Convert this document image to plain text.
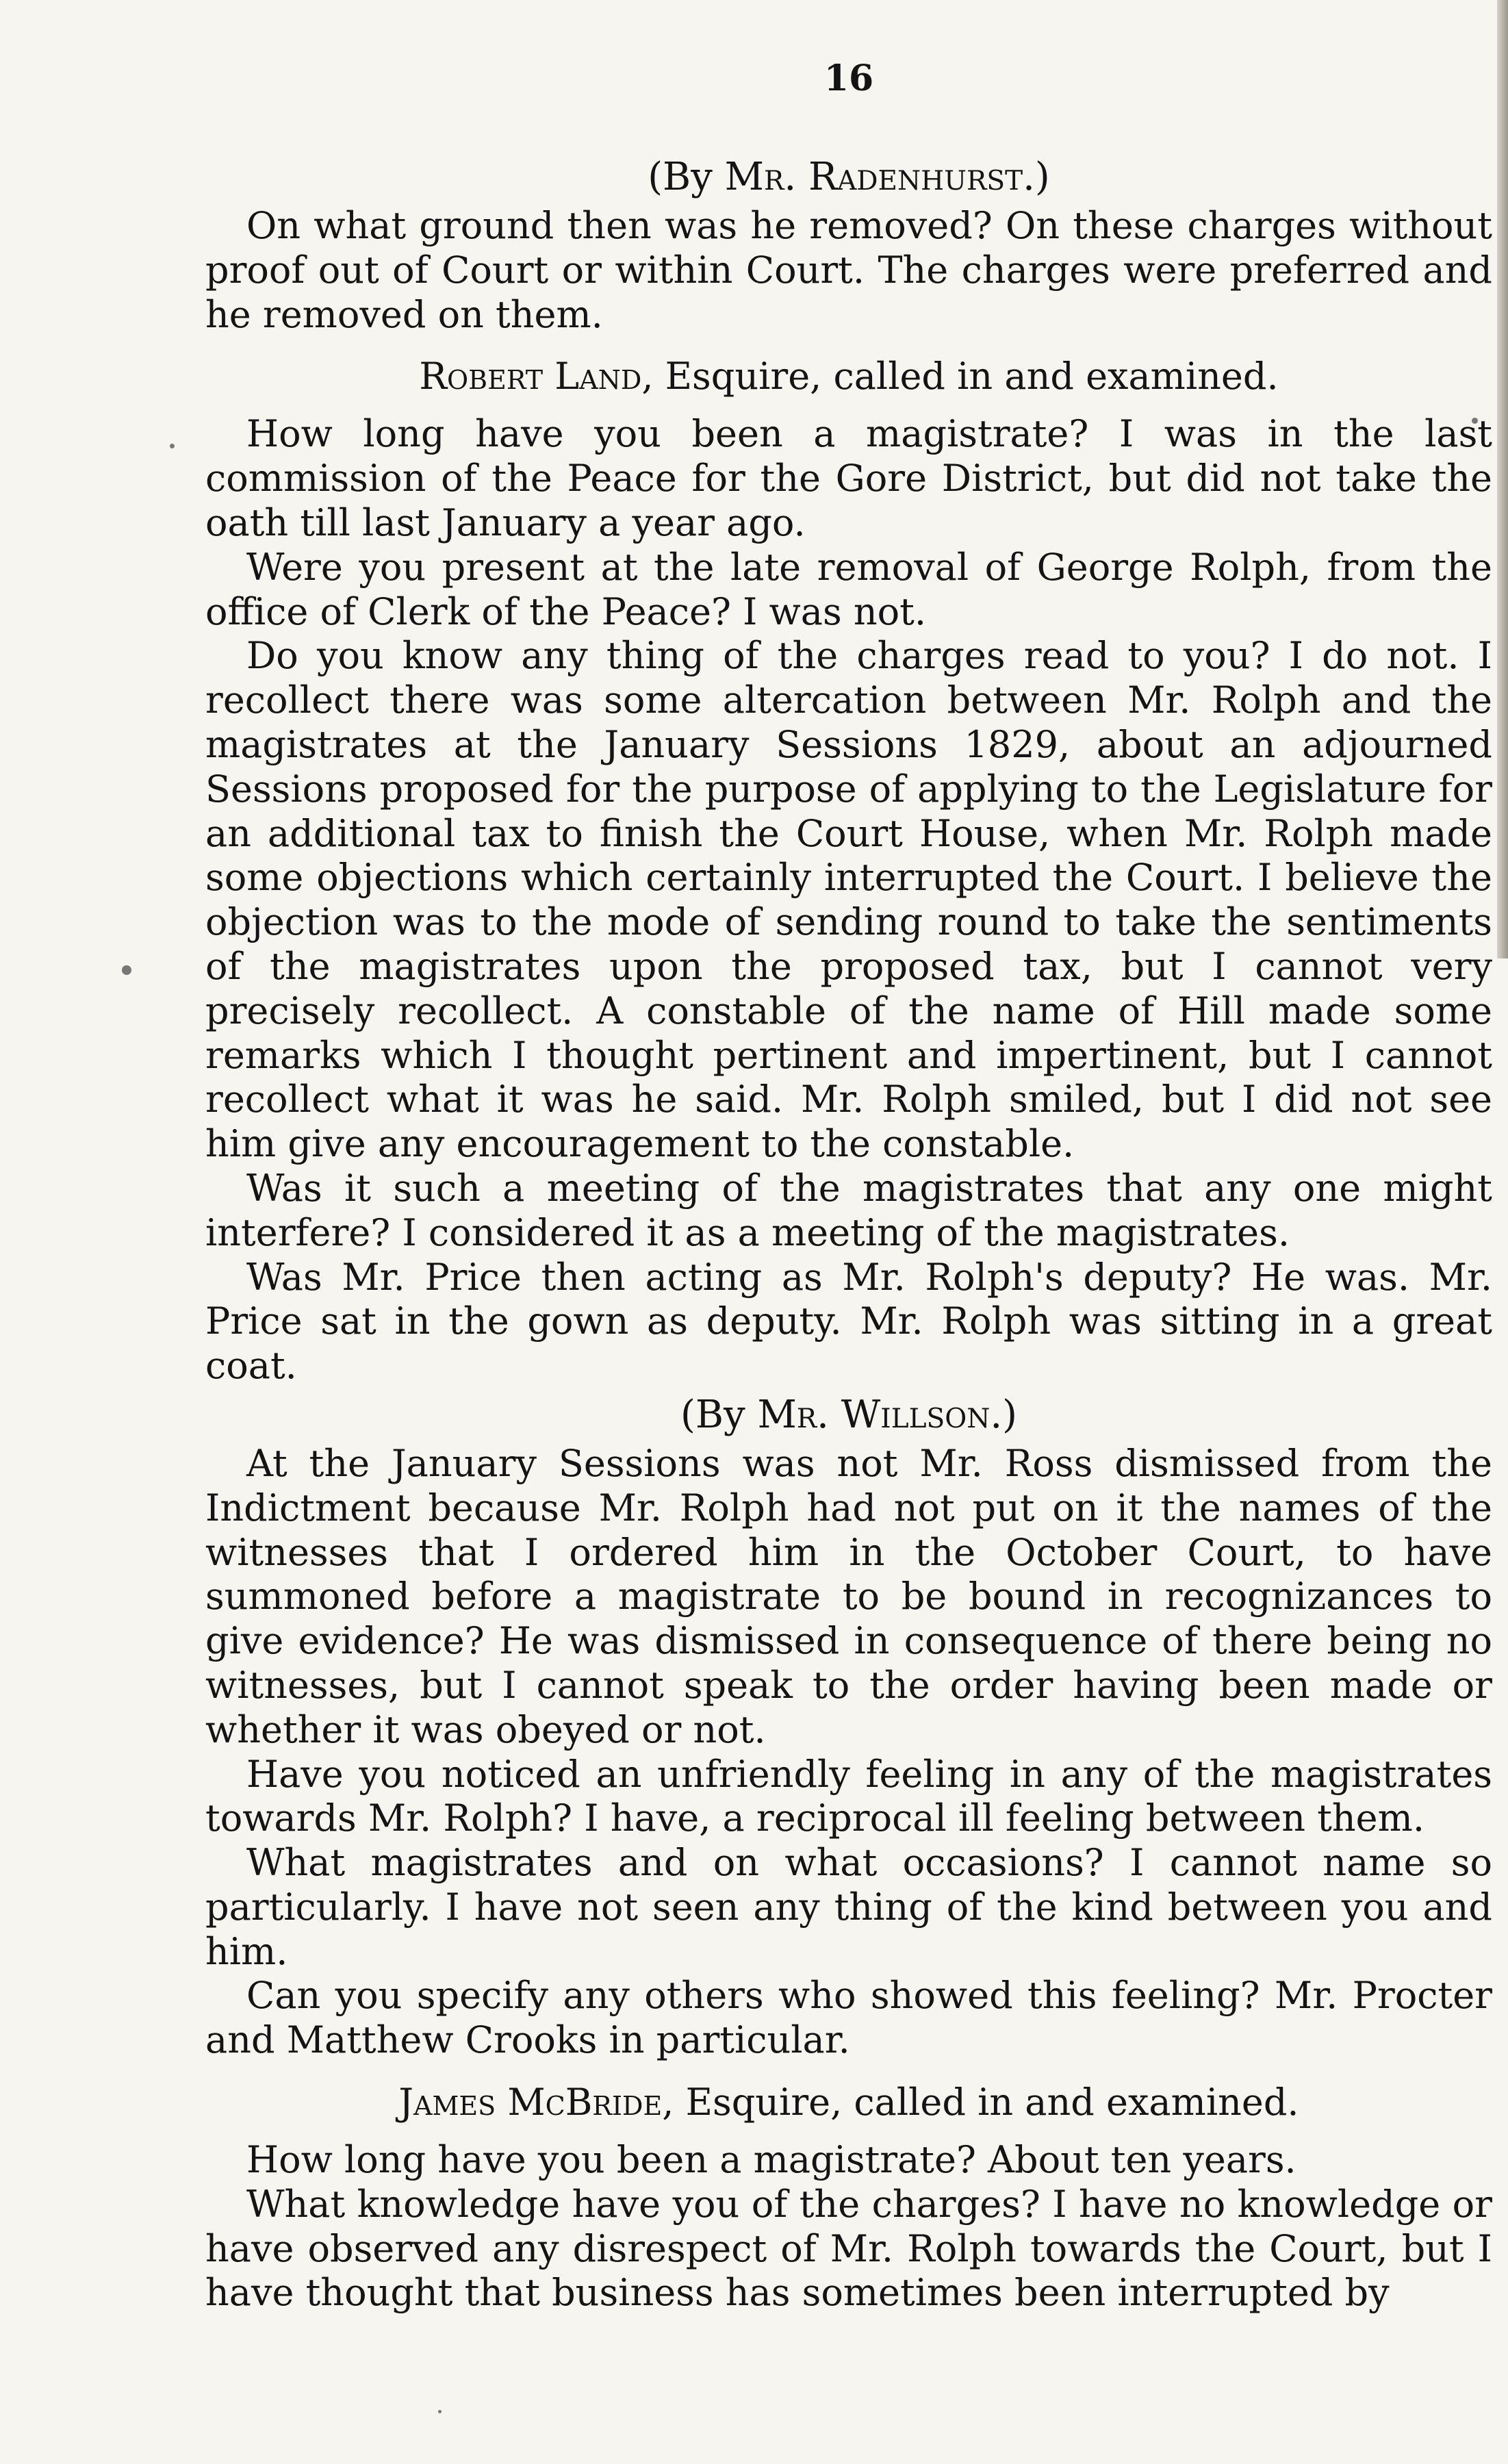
16

(By Mr. Radenhurst.)

On what ground then was he removed? On these charges without proof out of Court or within Court. The charges were preferred and he removed on them.

Robert Land, Esquire, called in and examined.

How long have you been a magistrate? I was in the last commission of the Peace for the Gore District, but did not take the oath till last January a year ago.

Were you present at the late removal of George Rolph, from the office of Clerk of the Peace? I was not.

Do you know any thing of the charges read to you? I do not. I recollect there was some altercation between Mr. Rolph and the magistrates at the January Sessions 1829, about an adjourned Sessions proposed for the purpose of applying to the Legislature for an additional tax to finish the Court House, when Mr. Rolph made some objections which certainly interrupted the Court. I believe the objection was to the mode of sending round to take the sentiments of the magistrates upon the proposed tax, but I cannot very precisely recollect. A constable of the name of Hill made some remarks which I thought pertinent and impertinent, but I cannot recollect what it was he said. Mr. Rolph smiled, but I did not see him give any encouragement to the constable.

Was it such a meeting of the magistrates that any one might interfere? I considered it as a meeting of the magistrates.

Was Mr. Price then acting as Mr. Rolph's deputy? He was. Mr. Price sat in the gown as deputy. Mr. Rolph was sitting in a great coat.

(By Mr. Willson.)

At the January Sessions was not Mr. Ross dismissed from the Indictment because Mr. Rolph had not put on it the names of the witnesses that I ordered him in the October Court, to have summoned before a magistrate to be bound in recognizances to give evidence? He was dismissed in consequence of there being no witnesses, but I cannot speak to the order having been made or whether it was obeyed or not.

Have you noticed an unfriendly feeling in any of the magistrates towards Mr. Rolph? I have, a reciprocal ill feeling between them.

What magistrates and on what occasions? I cannot name so particularly. I have not seen any thing of the kind between you and him.

Can you specify any others who showed this feeling? Mr. Procter and Matthew Crooks in particular.

James McBride, Esquire, called in and examined.

How long have you been a magistrate? About ten years.

What knowledge have you of the charges? I have no knowledge or have observed any disrespect of Mr. Rolph towards the Court, but I have thought that business has sometimes been interrupted by
